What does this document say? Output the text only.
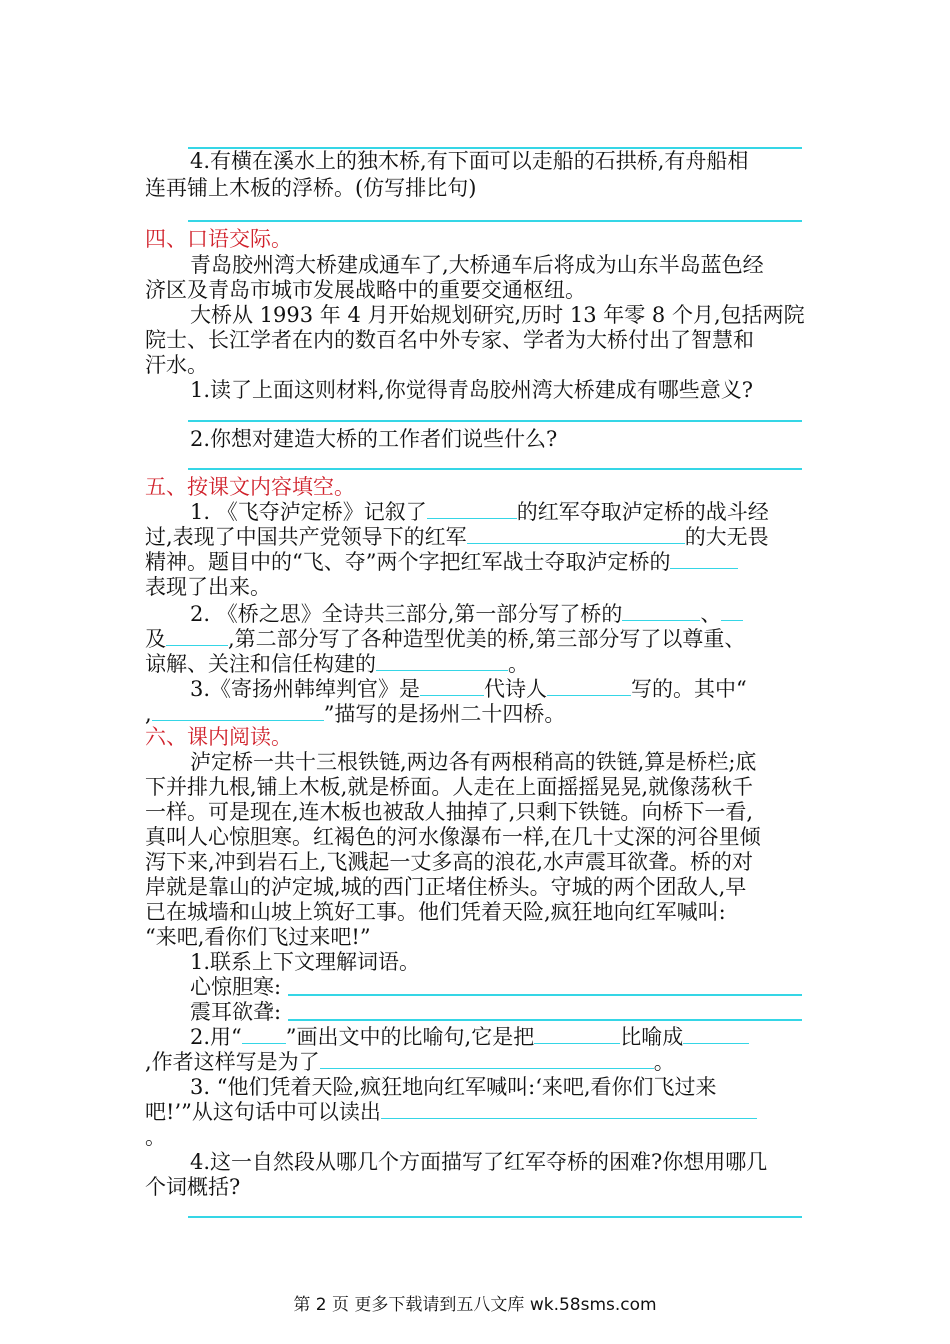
4.有横在溪水上的独木桥,有下面可以走船的石拱桥,有舟船相
连再铺上木板的浮桥。(仿写排比句)
四、口语交际。
青岛胶州湾大桥建成通车了,大桥通车后将成为山东半岛蓝色经
济区及青岛市城市发展战略中的重要交通枢纽。
大桥从 1993 年 4 月开始规划研究,历时 13 年零 8 个月,包括两院
院士、长江学者在内的数百名中外专家、学者为大桥付出了智慧和
汗水。
1.读了上面这则材料,你觉得青岛胶州湾大桥建成有哪些意义?
2.你想对建造大桥的工作者们说些什么?
五、按课文内容填空。
1. 《飞夺泸定桥》记叙了	的红军夺取泸定桥的战斗经
过,表现了中国共产党领导下的红军	的大无畏
精神。题目中的“飞、夺”两个字把红军战士夺取泸定桥的
表现了出来。
2. 《桥之思》全诗共三部分,第一部分写了桥的	、
及	,第二部分写了各种造型优美的桥,第三部分写了以尊重、
谅解、关注和信任构建的	。
3.《寄扬州韩绰判官》是	代诗人	写的。其中“
,	”描写的是扬州二十四桥。
六、课内阅读。
泸定桥一共十三根铁链,两边各有两根稍高的铁链,算是桥栏;底
下并排九根,铺上木板,就是桥面。人走在上面摇摇晃晃,就像荡秋千
一样。可是现在,连木板也被敌人抽掉了,只剩下铁链。向桥下一看,
真叫人心惊胆寒。红褐色的河水像瀑布一样,在几十丈深的河谷里倾
泻下来,冲到岩石上,飞溅起一丈多高的浪花,水声震耳欲聋。桥的对
岸就是靠山的泸定城,城的西门正堵住桥头。守城的两个团敌人,早
已在城墙和山坡上筑好工事。他们凭着天险,疯狂地向红军喊叫:
“来吧,看你们飞过来吧!”
1.联系上下文理解词语。
心惊胆寒:
震耳欲聋:
2.用“ ”画出文中的比喻句,它是把	比喻成
,作者这样写是为了	。
3. “他们凭着天险,疯狂地向红军喊叫:‘来吧,看你们飞过来
吧!’”从这句话中可以读出
。
4.这一自然段从哪几个方面描写了红军夺桥的困难?你想用哪几
个词概括?
第 2 页 更多下载请到五八文库 wk.58sms.com
